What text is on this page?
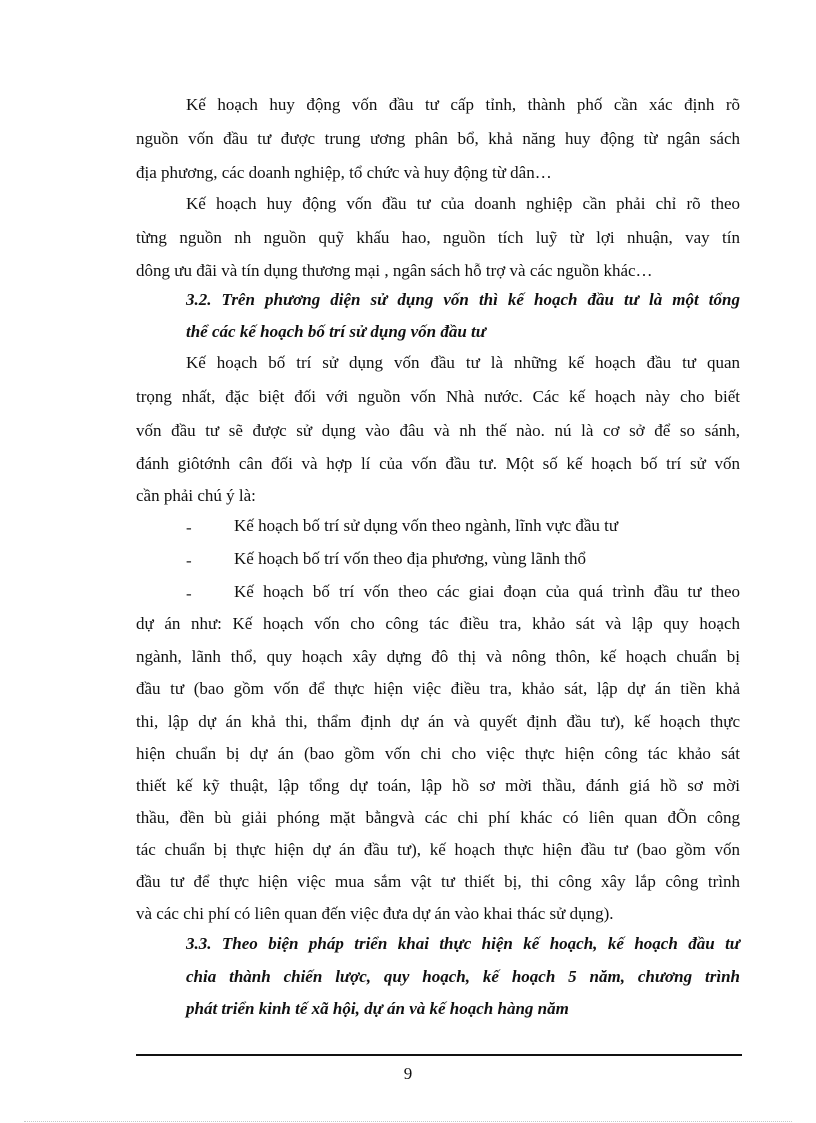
Kế hoạch huy động vốn đầu tư cấp tỉnh, thành phố cần xác định rõ
nguồn vốn đầu tư được trung ương phân bổ, khả năng huy động từ ngân sách
địa phương, các doanh nghiệp, tổ chức và huy động từ dân…
Kế hoạch huy động vốn đầu tư của doanh nghiệp cần phải chỉ rõ theo
từng nguồn nh nguồn quỹ khấu hao, nguồn tích luỹ từ lợi nhuận, vay tín
dông ưu đãi và tín dụng thương mại , ngân sách hỗ trợ và các nguồn khác…
3.2. Trên phương diện sử dụng vốn thì kế hoạch đầu tư là một tổng
thể các kế hoạch bố trí sử dụng vốn đầu tư
Kế hoạch bố trí sử dụng vốn đầu tư là những kế hoạch đầu tư quan
trọng nhất, đặc biệt đối với nguồn vốn Nhà nước. Các kế hoạch này cho biết
vốn đầu tư sẽ được sử dụng vào đâu và nh thế nào. nú là cơ sở để so sánh,
đánh giôtớnh cân đối và hợp lí của vốn đầu tư. Một số kế hoạch bố trí sử vốn
cần phải chú ý là:
- Kế hoạch bố trí sử dụng vốn theo ngành, lĩnh vực đầu tư
- Kế hoạch bố trí vốn theo địa phương, vùng lãnh thổ
- Kế hoạch bố trí vốn theo các giai đoạn của quá trình đầu tư theo
dự án như: Kế hoạch vốn cho công tác điều tra, khảo sát và lập quy hoạch
ngành, lãnh thổ, quy hoạch xây dựng đô thị và nông thôn, kế hoạch chuẩn bị
đầu tư (bao gồm vốn để thực hiện việc điều tra, khảo sát, lập dự án tiền khả
thi, lập dự án khả thi, thẩm định dự án và quyết định đầu tư), kế hoạch thực
hiện chuẩn bị dự án (bao gồm vốn chi cho việc thực hiện công tác khảo sát
thiết kế kỹ thuật, lập tổng dự toán, lập hồ sơ mời thầu, đánh giá hồ sơ mời
thầu, đền bù giải phóng mặt bằngvà các chi phí khác có liên quan đÕn công
tác chuẩn bị thực hiện dự án đầu tư), kế hoạch thực hiện đầu tư (bao gồm vốn
đầu tư để thực hiện việc mua sắm vật tư thiết bị, thi công xây lắp công trình
và các chi phí có liên quan đến việc đưa dự án vào khai thác sử dụng).
3.3. Theo biện pháp triển khai thực hiện kế hoạch, kế hoạch đầu tư
chia thành chiến lược, quy hoạch, kế hoạch 5 năm, chương trình
phát triển kinh tế xã hội, dự án và kế hoạch hàng năm
9
